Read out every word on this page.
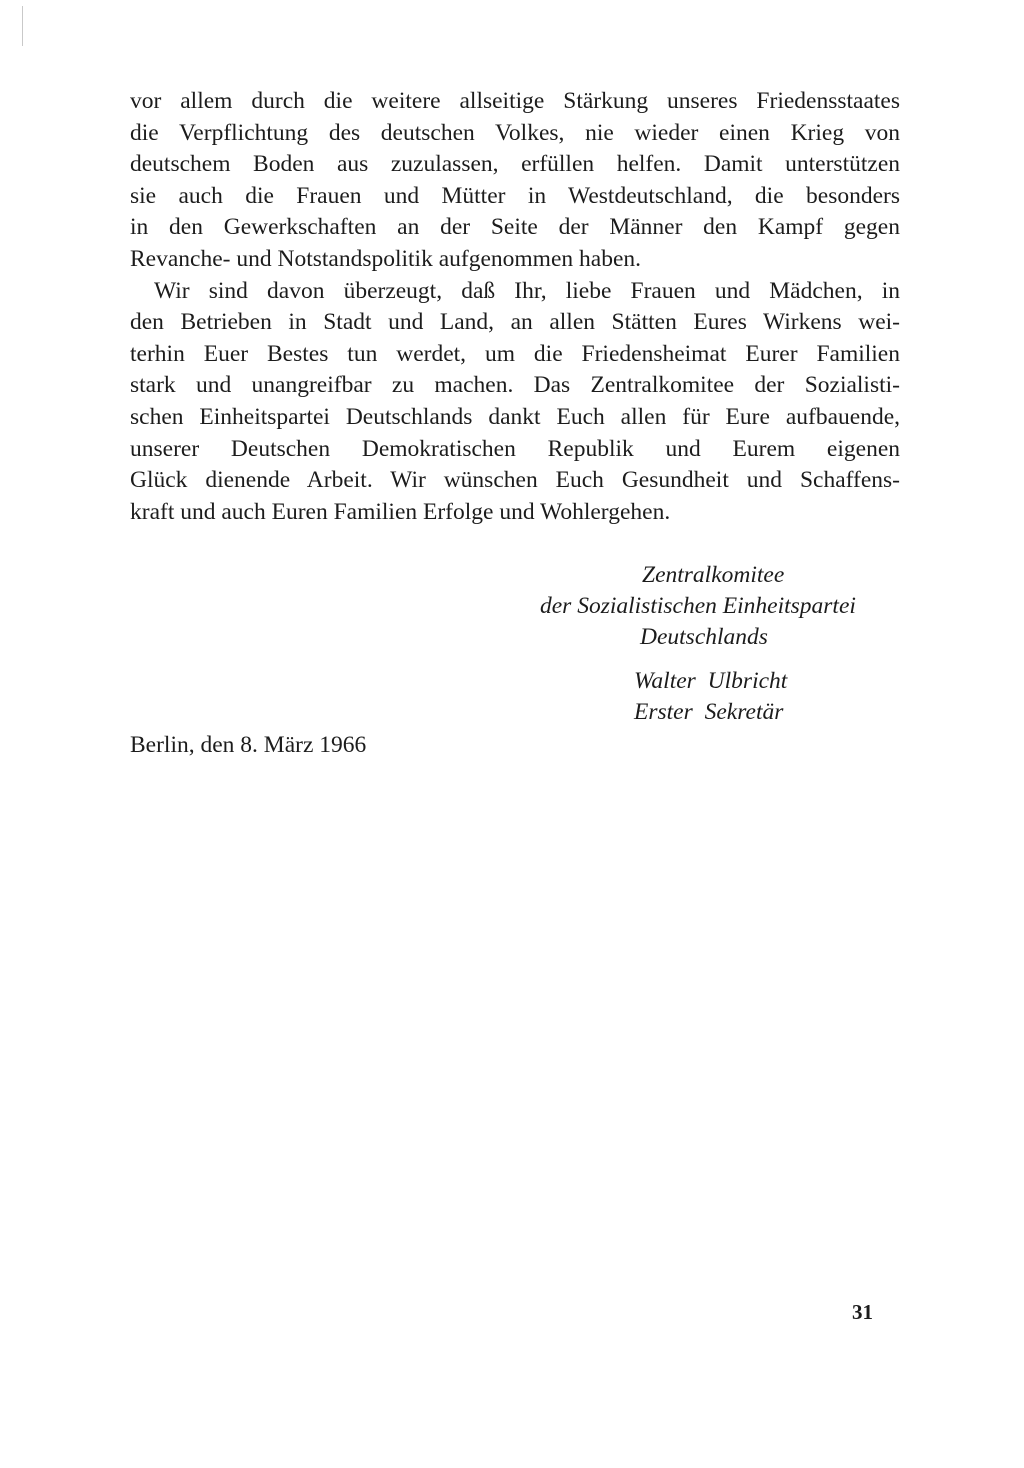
vor allem durch die weitere allseitige Stärkung unseres Friedensstaates
die Verpflichtung des deutschen Volkes, nie wieder einen Krieg von
deutschem Boden aus zuzulassen, erfüllen helfen. Damit unterstützen
sie auch die Frauen und Mütter in Westdeutschland, die besonders
in den Gewerkschaften an der Seite der Männer den Kampf gegen
Revanche- und Notstandspolitik aufgenommen haben.
Wir sind davon überzeugt, daß Ihr, liebe Frauen und Mädchen, in
den Betrieben in Stadt und Land, an allen Stätten Eures Wirkens wei-
terhin Euer Bestes tun werdet, um die Friedensheimat Eurer Familien
stark und unangreifbar zu machen. Das Zentralkomitee der Sozialisti-
schen Einheitspartei Deutschlands dankt Euch allen für Eure aufbauende,
unserer Deutschen Demokratischen Republik und Eurem eigenen
Glück dienende Arbeit. Wir wünschen Euch Gesundheit und Schaffens-
kraft und auch Euren Familien Erfolge und Wohlergehen.
Zentralkomitee
der Sozialistischen Einheitspartei
Deutschlands
Walter Ulbricht
Erster Sekretär
Berlin, den 8. März 1966
31
